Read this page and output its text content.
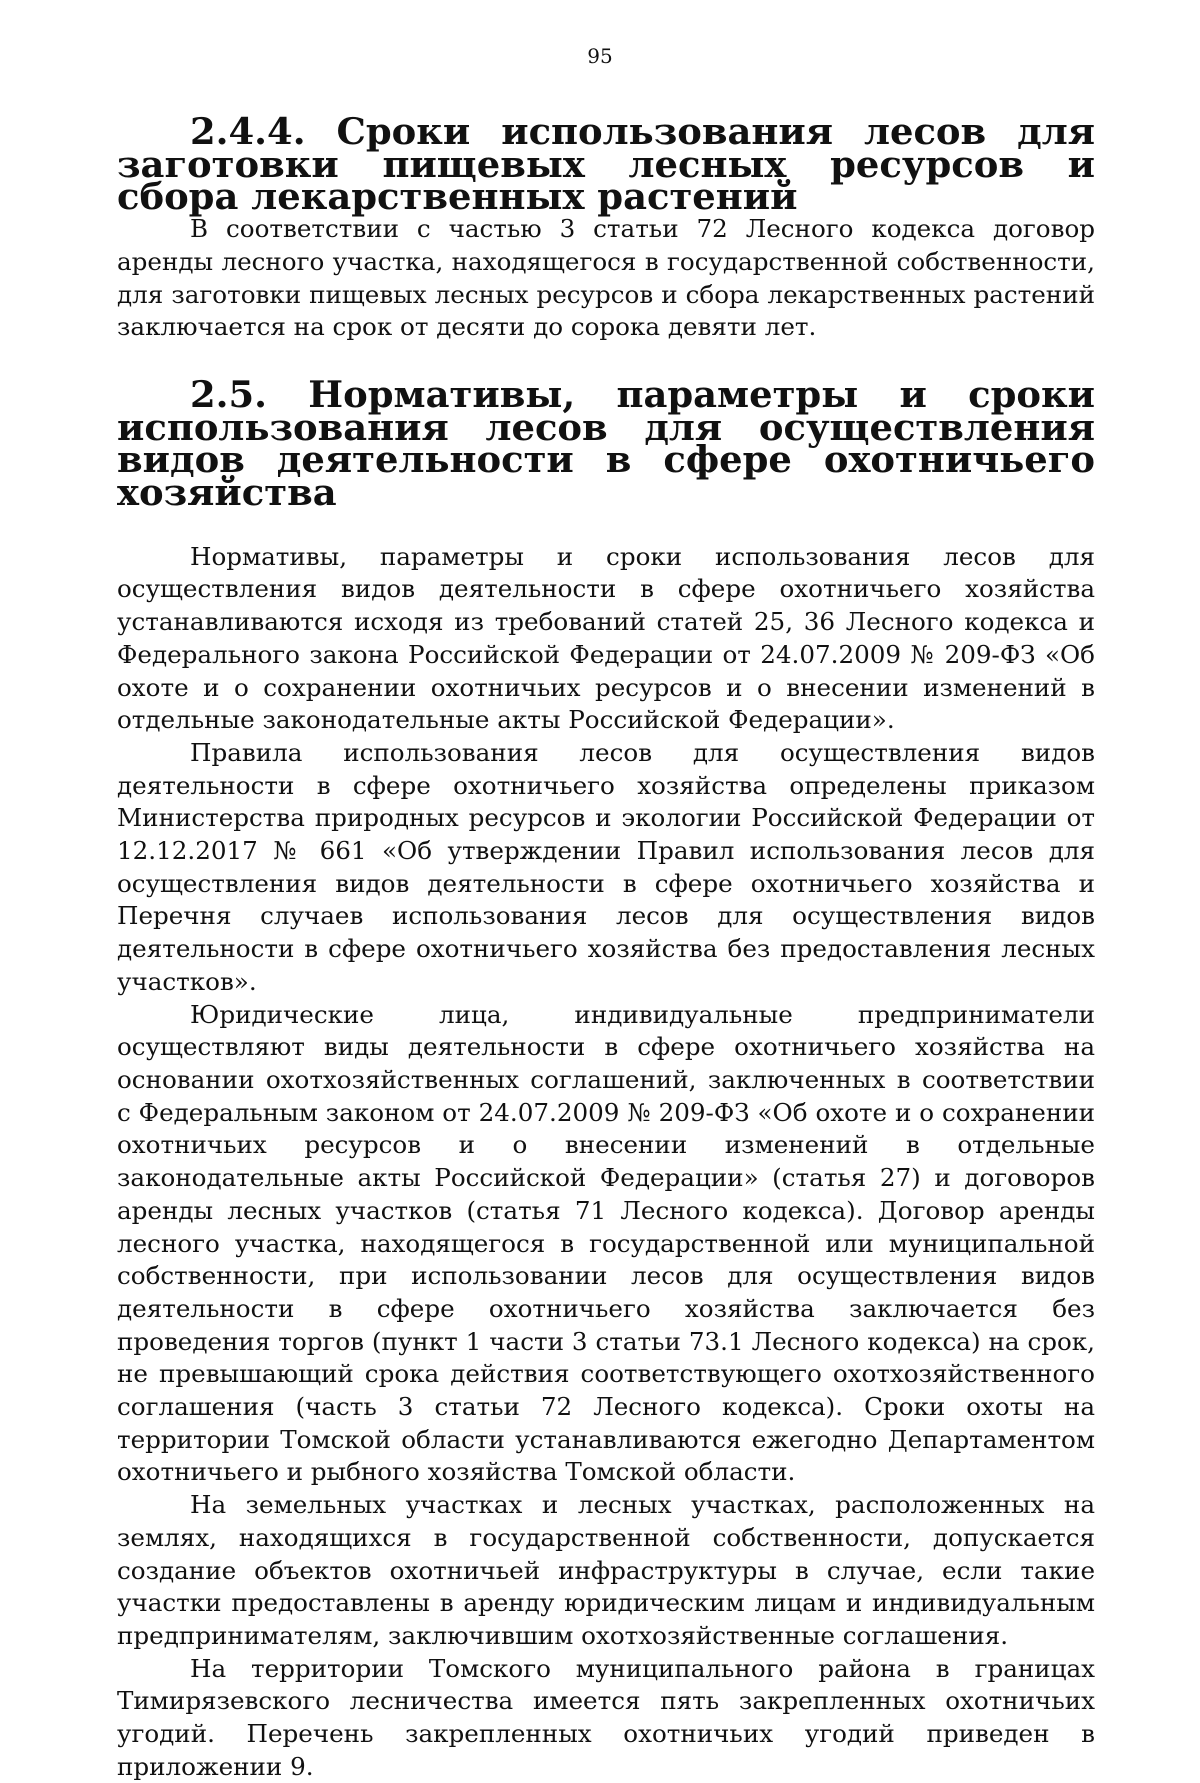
95
2.4.4. Сроки использования лесов для заготовки пищевых лесных ресурсов и сбора лекарственных растений

В соответствии с частью 3 статьи 72 Лесного кодекса договор аренды лесного участка, находящегося в государственной собственности, для заготовки пищевых лесных ресурсов и сбора лекарственных растений заключается на срок от десяти до сорока девяти лет.

2.5. Нормативы, параметры и сроки использования лесов для осуществления видов деятельности в сфере охотничьего хозяйства

Нормативы, параметры и сроки использования лесов для осуществления видов деятельности в сфере охотничьего хозяйства устанавливаются исходя из требований статей 25, 36 Лесного кодекса и Федерального закона Российской Федерации от 24.07.2009 № 209-ФЗ «Об охоте и о сохранении охотничьих ресурсов и о внесении изменений в отдельные законодательные акты Российской Федерации».

Правила использования лесов для осуществления видов деятельности в сфере охотничьего хозяйства определены приказом Министерства природных ресурсов и экологии Российской Федерации от 12.12.2017 № 661 «Об утверждении Правил использования лесов для осуществления видов деятельности в сфере охотничьего хозяйства и Перечня случаев использования лесов для осуществления видов деятельности в сфере охотничьего хозяйства без предоставления лесных участков».

Юридические лица, индивидуальные предприниматели осуществляют виды деятельности в сфере охотничьего хозяйства на основании охотхозяйственных соглашений, заключенных в соответствии с Федеральным законом от 24.07.2009 № 209-ФЗ «Об охоте и о сохранении охотничьих ресурсов и о внесении изменений в отдельные законодательные акты Российской Федерации» (статья 27) и договоров аренды лесных участков (статья 71 Лесного кодекса). Договор аренды лесного участка, находящегося в государственной или муниципальной собственности, при использовании лесов для осуществления видов деятельности в сфере охотничьего хозяйства заключается без проведения торгов (пункт 1 части 3 статьи 73.1 Лесного кодекса) на срок, не превышающий срока действия соответствующего охотхозяйственного соглашения (часть 3 статьи 72 Лесного кодекса). Сроки охоты на территории Томской области устанавливаются ежегодно Департаментом охотничьего и рыбного хозяйства Томской области.

На земельных участках и лесных участках, расположенных на землях, находящихся в государственной собственности, допускается создание объектов охотничьей инфраструктуры в случае, если такие участки предоставлены в аренду юридическим лицам и индивидуальным предпринимателям, заключившим охотхозяйственные соглашения.

На территории Томского муниципального района в границах Тимирязевского лесничества имеется пять закрепленных охотничьих угодий. Перечень закрепленных охотничьих угодий приведен в приложении 9.
